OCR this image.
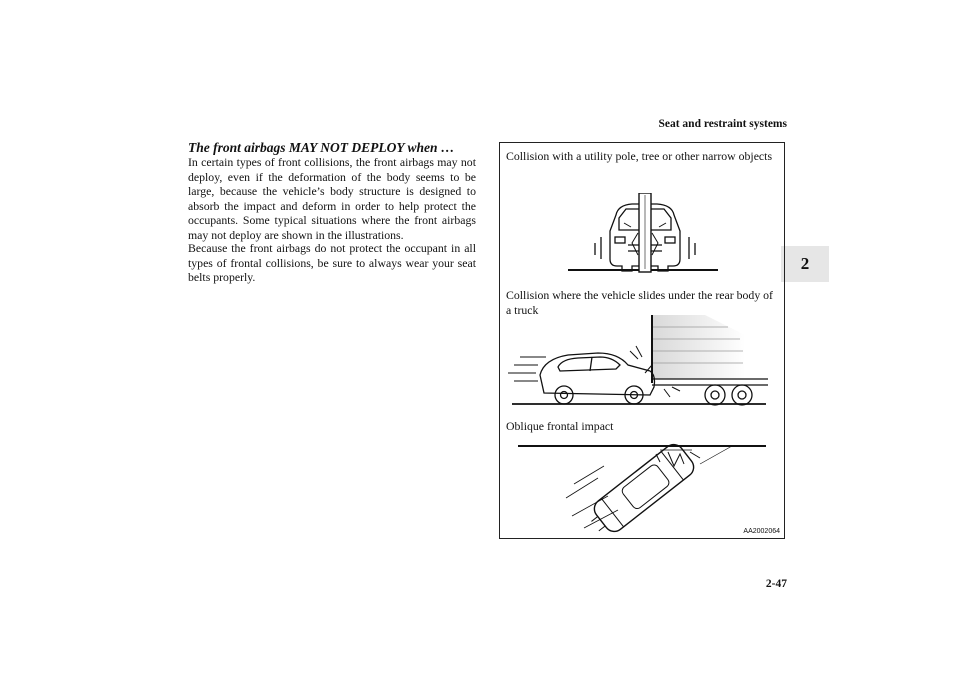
Seat and restraint systems
2
The front airbags MAY NOT DEPLOY when …

In certain types of front collisions, the front airbags may not deploy, even if the deformation of the body seems to be large, because the vehicle’s body structure is designed to absorb the impact and deform in order to help protect the occupants. Some typical situations where the front airbags may not deploy are shown in the illustrations.

Because the front airbags do not protect the occupant in all types of frontal collisions, be sure to always wear your seat belts properly.

Collision with a utility pole, tree or other narrow objects
Collision where the vehicle slides under the rear body of a truck
Oblique frontal impact
AA2002064
2-47
